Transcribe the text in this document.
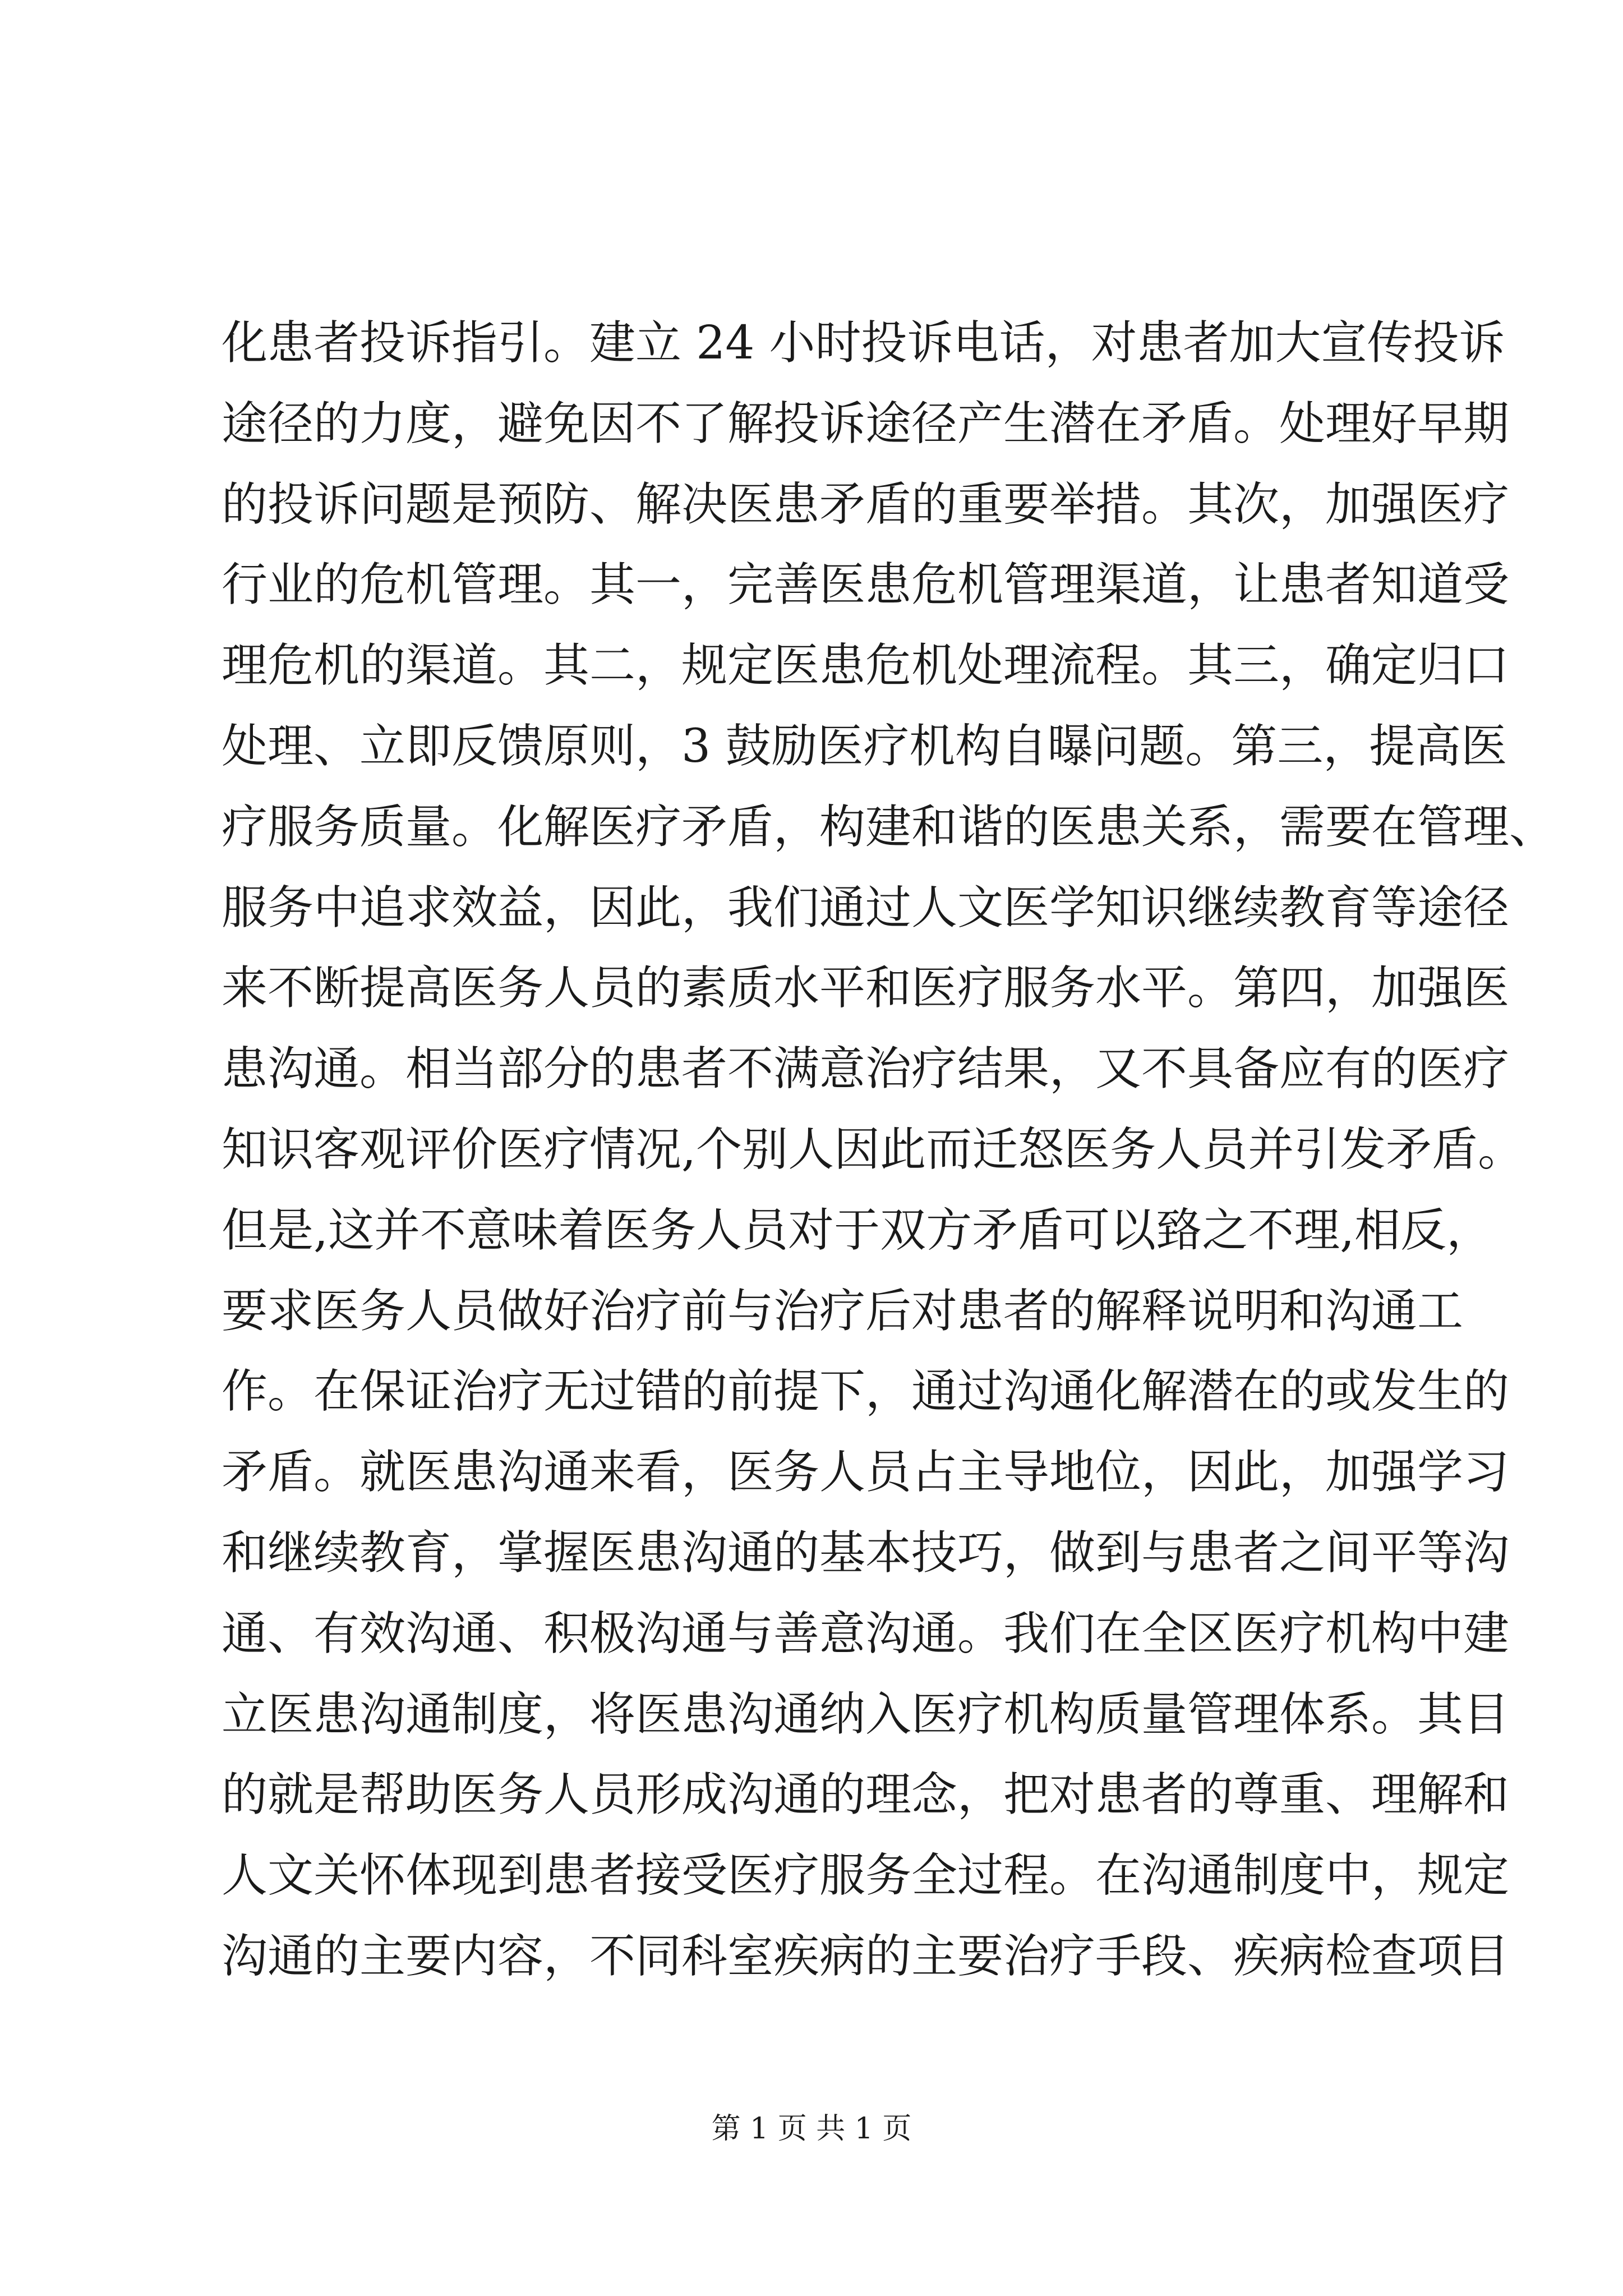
化患者投诉指引。建立 24 小时投诉电话，对患者加大宣传投诉
途径的力度，避免因不了解投诉途径产生潜在矛盾。处理好早期
的投诉问题是预防、解决医患矛盾的重要举措。其次，加强医疗
行业的危机管理。其一，完善医患危机管理渠道，让患者知道受
理危机的渠道。其二，规定医患危机处理流程。其三，确定归口
处理、立即反馈原则，3 鼓励医疗机构自曝问题。第三，提高医
疗服务质量。化解医疗矛盾，构建和谐的医患关系，需要在管理、
服务中追求效益，因此，我们通过人文医学知识继续教育等途径
来不断提高医务人员的素质水平和医疗服务水平。第四，加强医
患沟通。相当部分的患者不满意治疗结果，又不具备应有的医疗
知识客观评价医疗情况,个别人因此而迁怒医务人员并引发矛盾。
但是,这并不意味着医务人员对于双方矛盾可以臵之不理,相反，
要求医务人员做好治疗前与治疗后对患者的解释说明和沟通工
作。在保证治疗无过错的前提下，通过沟通化解潜在的或发生的
矛盾。就医患沟通来看，医务人员占主导地位，因此，加强学习
和继续教育，掌握医患沟通的基本技巧，做到与患者之间平等沟
通、有效沟通、积极沟通与善意沟通。我们在全区医疗机构中建
立医患沟通制度，将医患沟通纳入医疗机构质量管理体系。其目
的就是帮助医务人员形成沟通的理念，把对患者的尊重、理解和
人文关怀体现到患者接受医疗服务全过程。在沟通制度中，规定
沟通的主要内容，不同科室疾病的主要治疗手段、疾病检查项目
第 1 页 共 1 页
